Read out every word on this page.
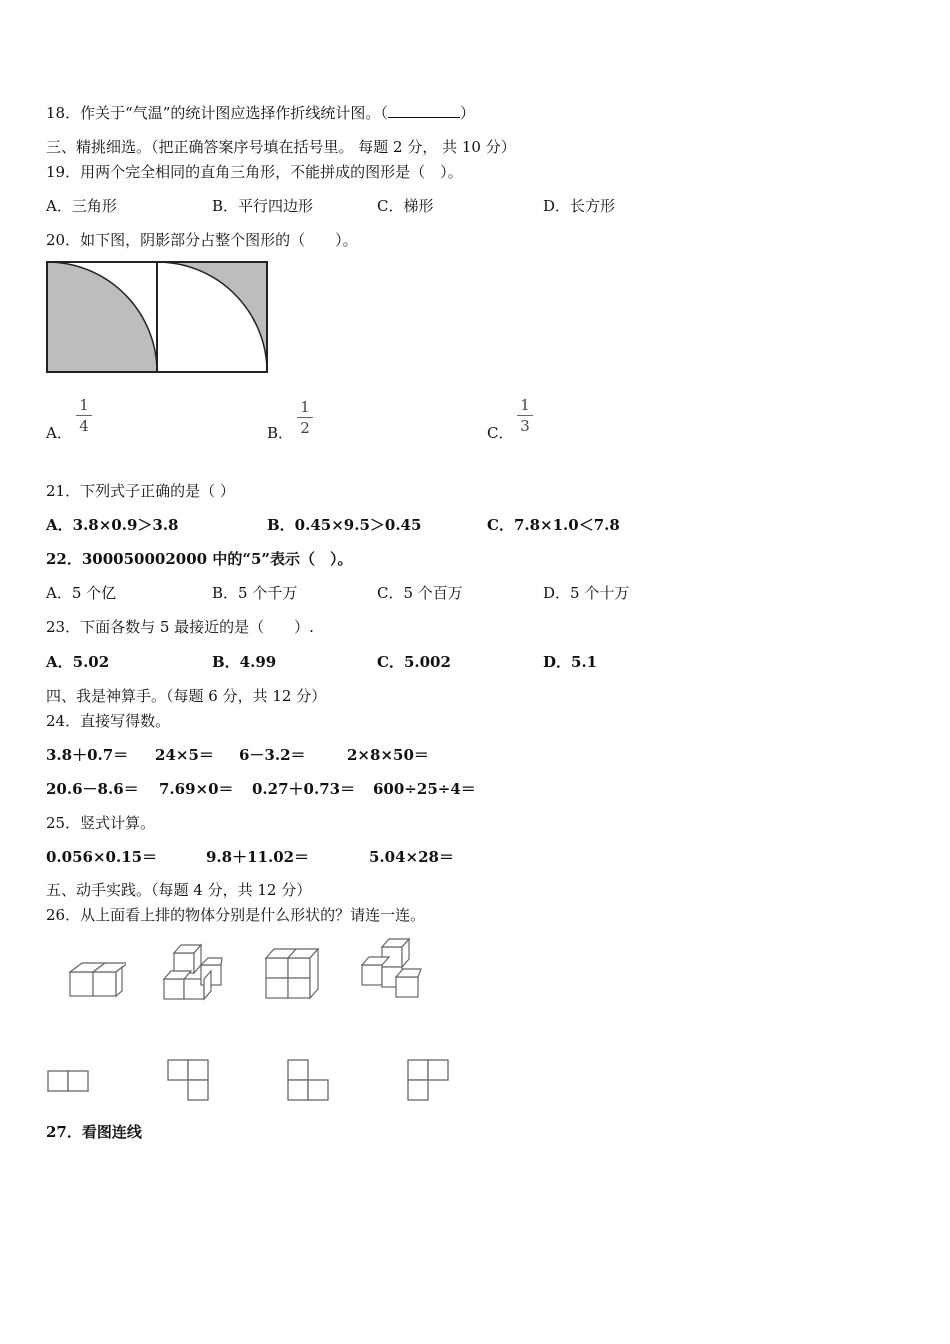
18．作关于“气温”的统计图应选择作折线统计图。（	）
三、精挑细选。（把正确答案序号填在括号里。 每题 2 分， 共 10 分）
19．用两个完全相同的直角三角形，不能拼成的图形是（　）。
A．三角形	B．平行四边形	C．梯形	D．长方形
20．如下图，阴影部分占整个图形的（　　）。
A．
1
4	B．
1
2	C．
1
3
21．下列式子正确的是（ ）
A．3.8×0.9＞3.8	B．0.45×9.5＞0.45	C．7.8×1.0＜7.8
22．300050002000 中的“5”表示（　）。
A．5 个亿	B．5 个千万	C．5 个百万	D．5 个十万
23．下面各数与 5 最接近的是（　　）.
A．5.02	B．4.99	C．5.002	D．5.1
四、我是神算手。（每题 6 分，共 12 分）
24．直接写得数。
3.8＋0.7＝ 24×5＝ 6－3.2＝	2×8×50＝
20.6－8.6＝ 7.69×0＝ 0.27＋0.73＝ 600÷25÷4＝
25．竖式计算。
0.056×0.15＝	9.8＋11.02＝	5.04×28＝
五、动手实践。（每题 4 分，共 12 分）
26．从上面看上排的物体分别是什么形状的？请连一连。
27．看图连线
